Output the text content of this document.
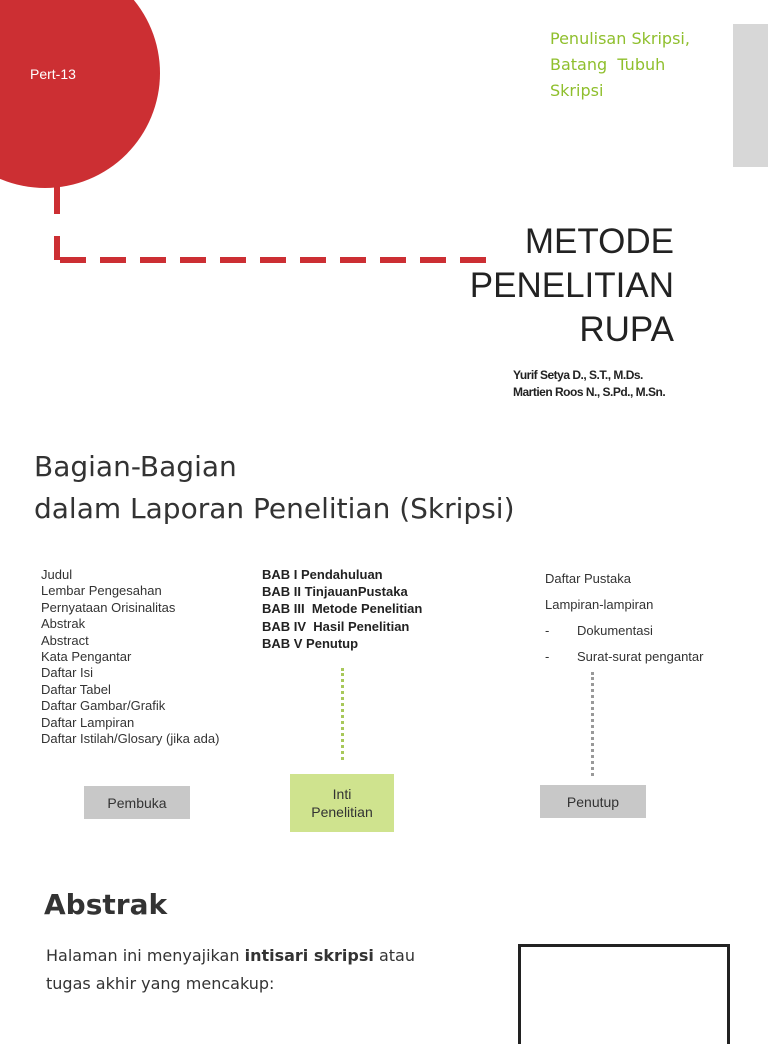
Pert-13
Penulisan Skripsi,
Batang  Tubuh
Skripsi
METODE
PENELITIAN
RUPA
Yurif Setya D., S.T., M.Ds.
Martien Roos N., S.Pd., M.Sn.
Bagian-Bagian
dalam Laporan Penelitian (Skripsi)
Judul
Lembar Pengesahan
Pernyataan Orisinalitas
Abstrak
Abstract
Kata Pengantar
Daftar Isi
Daftar Tabel
Daftar Gambar/Grafik
Daftar Lampiran
Daftar Istilah/Glosary (jika ada)
BAB I Pendahuluan
BAB II TinjauanPustaka
BAB III  Metode Penelitian
BAB IV  Hasil Penelitian
BAB V Penutup
Daftar Pustaka
Lampiran-lampiran
- Dokumentasi
- Surat-surat pengantar
Pembuka
Inti
Penelitian
Penutup
Abstrak
Halaman ini menyajikan intisari skripsi atau tugas akhir yang mencakup:
